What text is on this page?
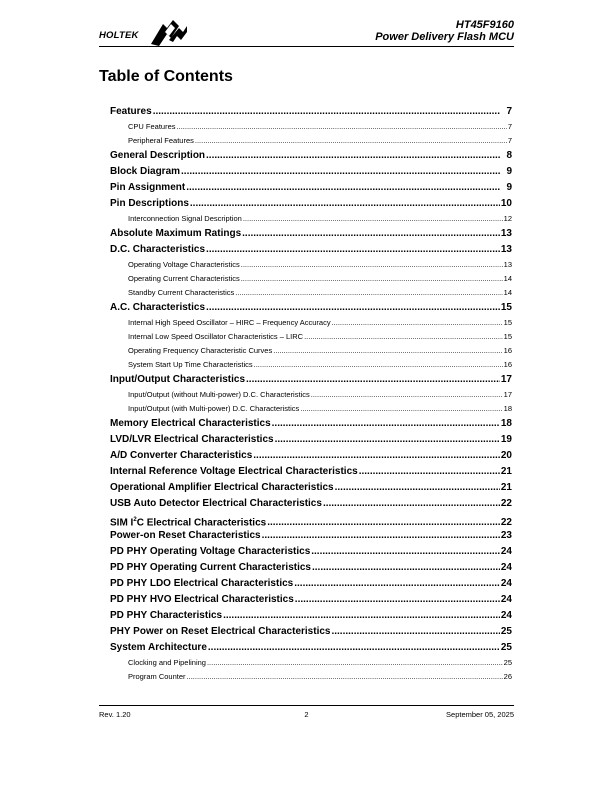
HOLTEK
HT45F9160
Power Delivery Flash MCU
Table of Contents
Features .....	7
CPU Features .....	7
Peripheral Features .....	7
General Description .....	8
Block Diagram .....	9
Pin Assignment .....	9
Pin Descriptions .....	10
Interconnection Signal Description .....	12
Absolute Maximum Ratings .....	13
D.C. Characteristics .....	13
Operating Voltage Characteristics .....	13
Operating Current Characteristics .....	14
Standby Current Characteristics .....	14
A.C. Characteristics .....	15
Internal High Speed Oscillator – HIRC – Frequency Accuracy .....	15
Internal Low Speed Oscillator Characteristics – LIRC .....	15
Operating Frequency Characteristic Curves .....	16
System Start Up Time Characteristics .....	16
Input/Output Characteristics .....	17
Input/Output (without Multi-power) D.C. Characteristics .....	17
Input/Output (with Multi-power) D.C. Characteristics .....	18
Memory Electrical Characteristics .....	18
LVD/LVR Electrical Characteristics .....	19
A/D Converter Characteristics .....	20
Internal Reference Voltage Electrical Characteristics .....	21
Operational Amplifier Electrical Characteristics .....	21
USB Auto Detector Electrical Characteristics .....	22
SIM $I^2C$ Electrical Characteristics .....	22
Power-on Reset Characteristics .....	23
PD PHY Operating Voltage Characteristics .....	24
PD PHY Operating Current Characteristics .....	24
PD PHY LDO Electrical Characteristics .....	24
PD PHY HVO Electrical Characteristics .....	24
PD PHY Characteristics .....	24
PHY Power on Reset Electrical Characteristics .....	25
System Architecture .....	25
Clocking and Pipelining .....	25
Program Counter .....	26
Rev. 1.20	2	September 05, 2025
